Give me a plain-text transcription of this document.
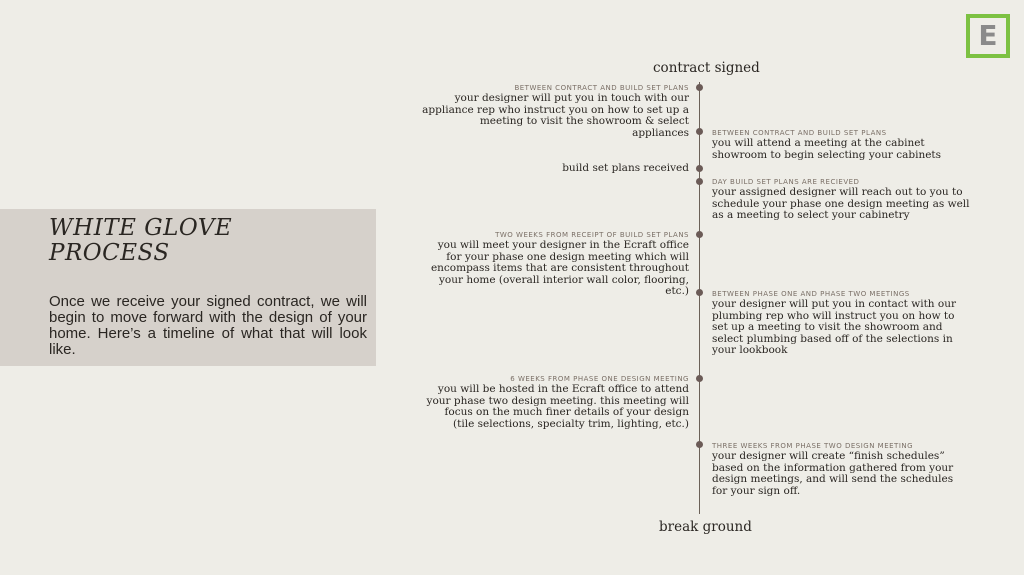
E
WHITE GLOVE PROCESS

Once we receive your signed contract, we will begin to move forward with the design of your home. Here’s a timeline of what that will look like.

contract signed
break ground
build set plans received
BETWEEN CONTRACT AND BUILD SET PLANS
your designer will put you in touch with our appliance rep who instruct you on how to set up a meeting to visit the showroom & select appliances	BETWEEN CONTRACT AND BUILD SET PLANS
you will attend a meeting at the cabinet showroom to begin selecting your cabinets
DAY BUILD SET PLANS ARE RECIEVED
your assigned designer will reach out to you to schedule your phase one design meeting as well as a meeting to select your cabinetry
TWO WEEKS FROM RECEIPT OF BUILD SET PLANS
you will meet your designer in the Ecraft office for your phase one design meeting which will encompass items that are consistent throughout your home (overall interior wall color, flooring, etc.)	BETWEEN PHASE ONE AND PHASE TWO MEETINGS
your designer will put you in contact with our plumbing rep who will instruct you on how to set up a meeting to visit the showroom and select plumbing based off of the selections in your lookbook
6 WEEKS FROM PHASE ONE DESIGN MEETING
you will be hosted in the Ecraft office to attend your phase two design meeting. this meeting will focus on the much finer details of your design (tile selections, specialty trim, lighting, etc.)
THREE WEEKS FROM PHASE TWO DESIGN MEETING
your designer will create “finish schedules” based on the information gathered from your design meetings, and will send the schedules for your sign off.
